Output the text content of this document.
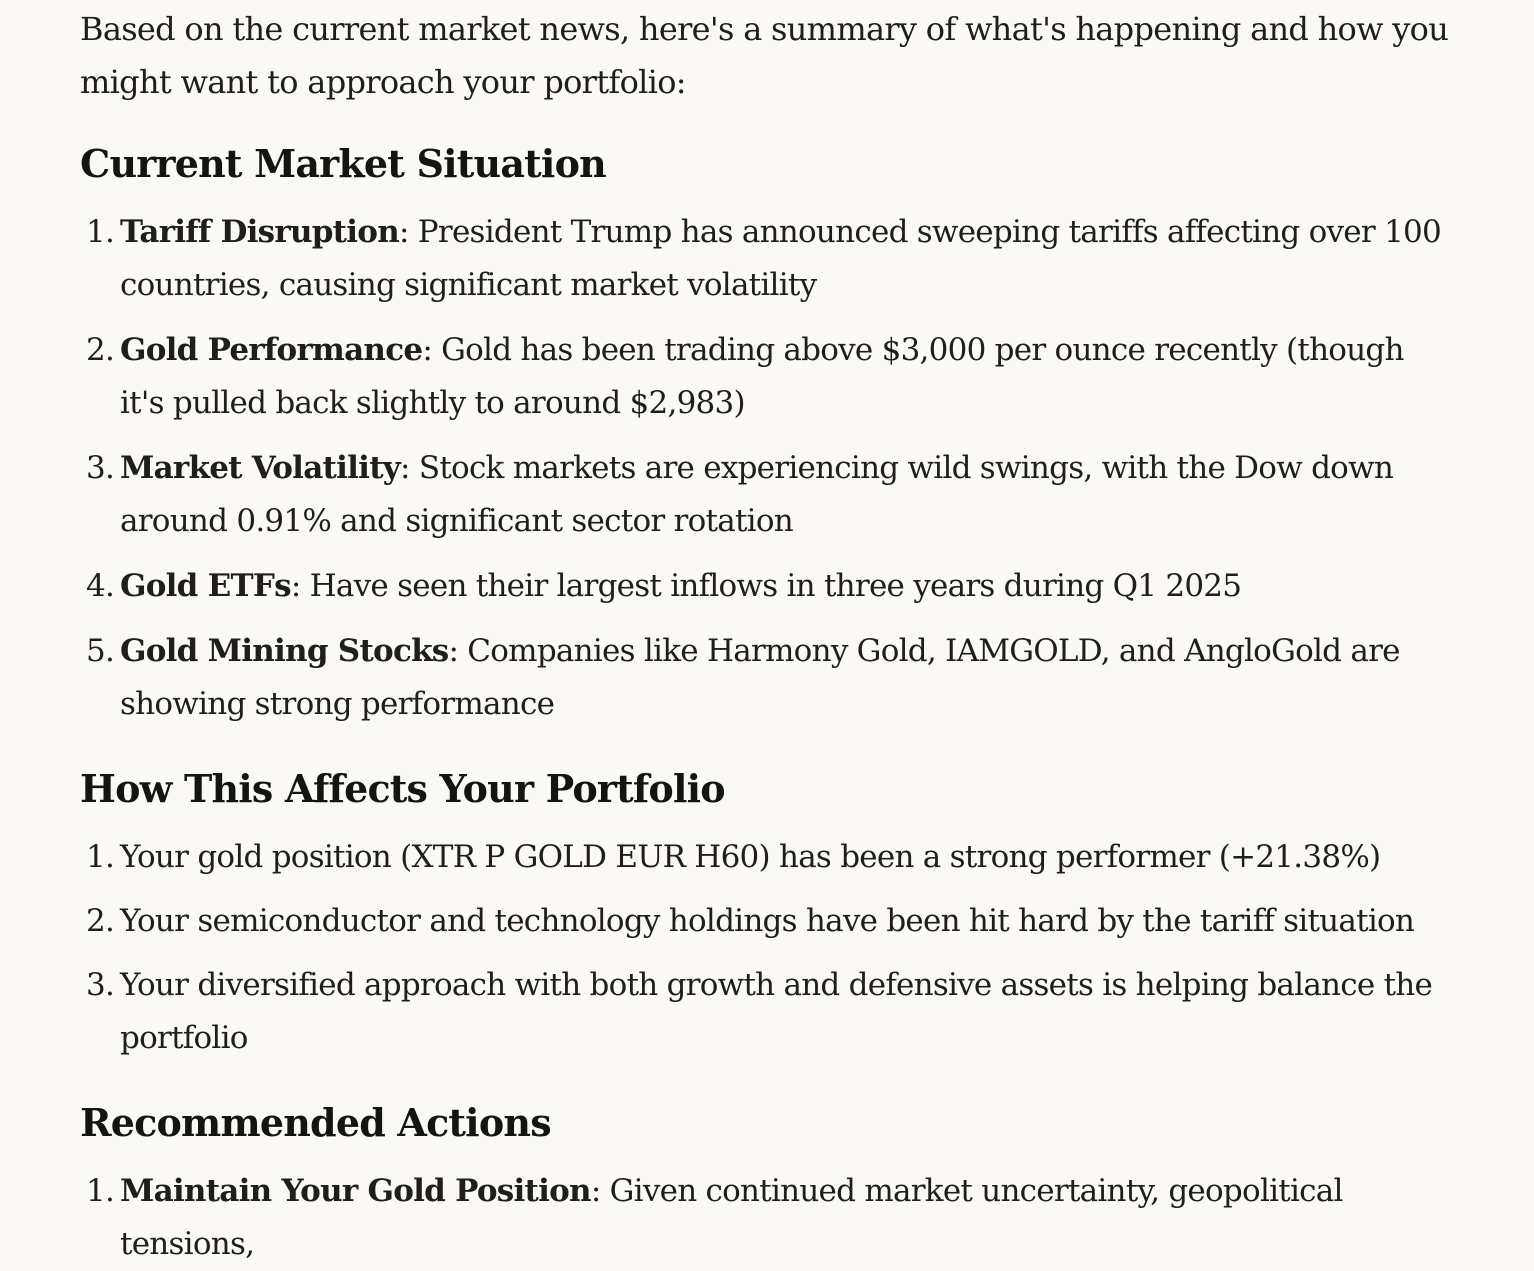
Based on the current market news, here's a summary of what's happening and how you might want to approach your portfolio:

Current Market Situation
1. Tariff Disruption: President Trump has announced sweeping tariffs affecting over 100 countries, causing significant market volatility
2. Gold Performance: Gold has been trading above $3,000 per ounce recently (though it's pulled back slightly to around $2,983)
3. Market Volatility: Stock markets are experiencing wild swings, with the Dow down around 0.91% and significant sector rotation
4. Gold ETFs: Have seen their largest inflows in three years during Q1 2025
5. Gold Mining Stocks: Companies like Harmony Gold, IAMGOLD, and AngloGold are showing strong performance
How This Affects Your Portfolio
1. Your gold position (XTR P GOLD EUR H60) has been a strong performer (+21.38%)
2. Your semiconductor and technology holdings have been hit hard by the tariff situation
3. Your diversified approach with both growth and defensive assets is helping balance the portfolio
Recommended Actions
1. Maintain Your Gold Position: Given continued market uncertainty, geopolitical tensions,
